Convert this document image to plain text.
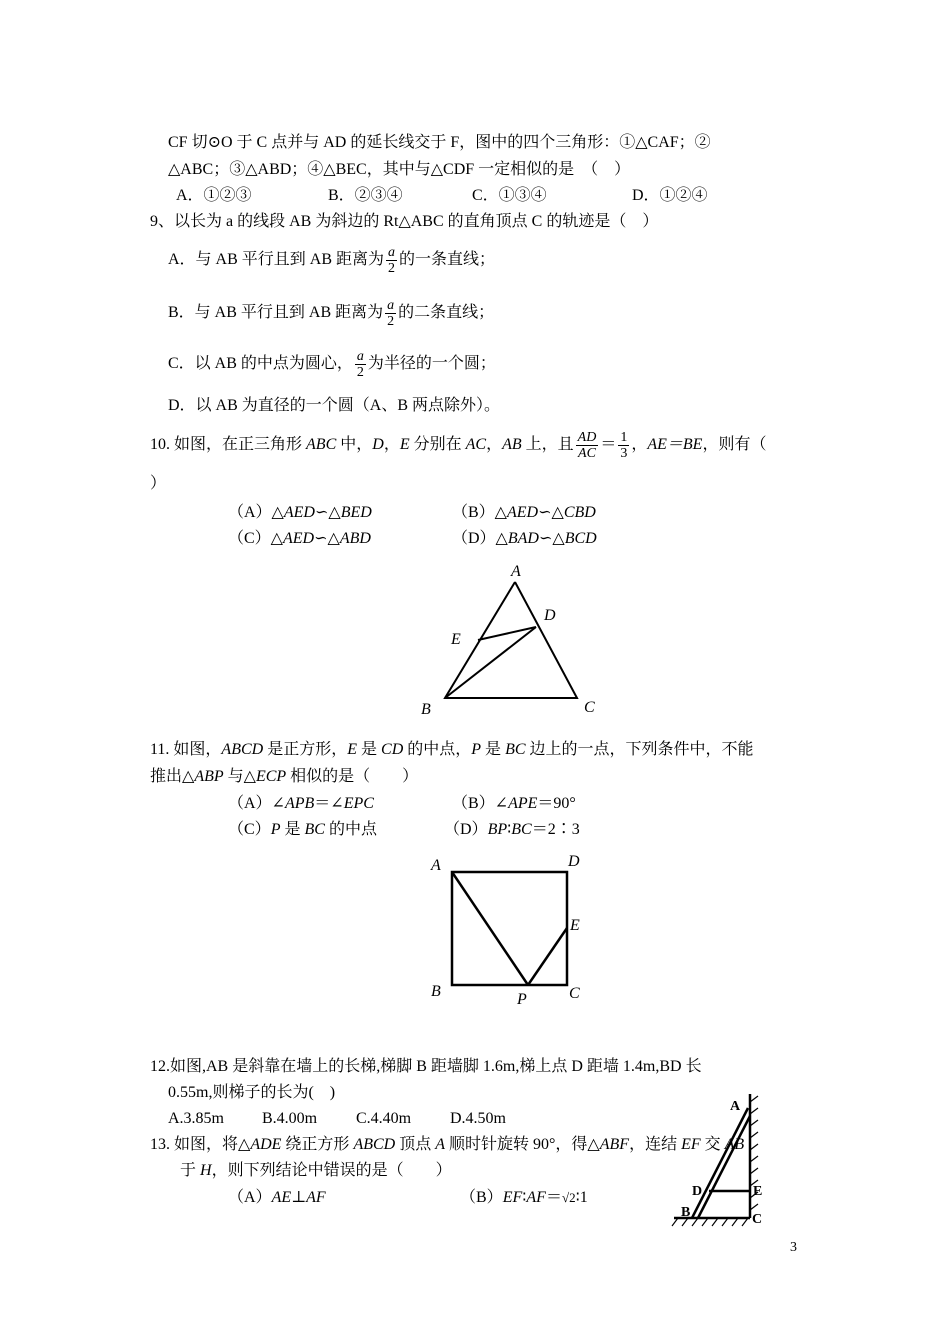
CF 切⊙O 于 C 点并与 AD 的延长线交于 F，图中的四个三角形：①△CAF；②
△ABC；③△ABD；④△BEC，其中与△CDF 一定相似的是　（　）
A．①②③	B．②③④	C．①③④	D．①②④
9、以长为 a 的线段 AB 为斜边的 Rt△ABC 的直角顶点 C 的轨迹是（　）
A．与 AB 平行且到 AB 距离为 $\frac{a}{2}$ 的一条直线；
B．与 AB 平行且到 AB 距离为 $\frac{a}{2}$ 的二条直线；
C．以 AB 的中点为圆心， $\frac{a}{2}$ 为半径的一个圆；
D．以 AB 为直径的一个圆（A、B 两点除外）。
10. 如图，在正三角形 ABC 中，D，E 分别在 AC，AB 上，且 $\frac{AD}{AC} = \frac{1}{3}$ ，AE＝BE，则有（
）
（A）△AED∽△BED	（B）△AED∽△CBD
（C）△AED∽△ABD	（D）△BAD∽△BCD
A
D
E
B	C
11. 如图，ABCD 是正方形，E 是 CD 的中点，P 是 BC 边上的一点，下列条件中，不能
推出△ABP 与△ECP 相似的是（　　）
（A）∠APB＝∠EPC	（B）∠APE＝90°
（C）P 是 BC 的中点	（D）BP∶BC＝2∶3
A	D
E
B	P	C
12.如图,AB 是斜靠在墙上的长梯,梯脚 B 距墙脚 1.6m,梯上点 D 距墙 1.4m,BD 长
0.55m,则梯子的长为(　)
A.3.85m B.4.00m C.4.40m D.4.50m
13. 如图，将△ADE 绕正方形 ABCD 顶点 A 顺时针旋转 90°，得△ABF，连结 EF 交 AB
于 H，则下列结论中错误的是（　　）
（A）AE⊥AF	（B）EF∶AF＝√2∶1
A
D	E
B	C
3
